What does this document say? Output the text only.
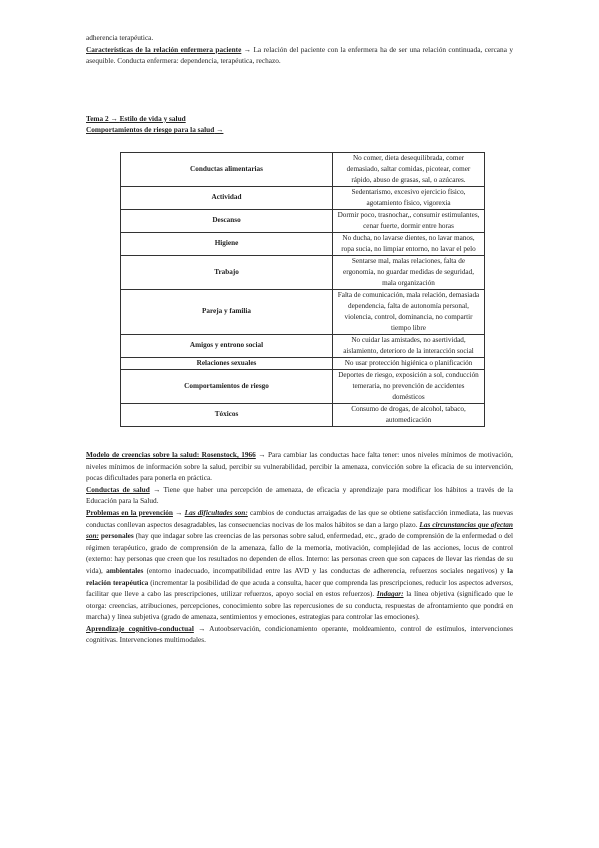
adherencia terapéutica.

Características de la relación enfermera paciente → La relación del paciente con la enfermera ha de ser una relación continuada, cercana y asequible. Conducta enfermera: dependencia, terapéutica, rechazo.

Tema 2 → Estilo de vida y salud

Comportamientos de riesgo para la salud →

Conductas alimentarias	No comer, dieta desequilibrada, comer demasiado, saltar comidas, picotear, comer rápido, abuso de grasas, sal, o azúcares.
Actividad	Sedentarismo, excesivo ejercicio físico, agotamiento físico, vigorexia
Descanso	Dormir poco, trasnochar,, consumir estimulantes, cenar fuerte, dormir entre horas
Higiene	No ducha, no lavarse dientes, no lavar manos, ropa sucia, no limpiar entorno, no lavar el pelo
Trabajo	Sentarse mal, malas relaciones, falta de ergonomía, no guardar medidas de seguridad, mala organización
Pareja y familia	Falta de comunicación, mala relación, demasiada dependencia, falta de autonomía personal, violencia, control, dominancia, no compartir tiempo libre
Amigos y entrono social	No cuidar las amistades, no asertividad, aislamiento, deterioro de la interacción social
Relaciones sexuales	No usar protección higiénica o planificación
Comportamientos de riesgo	Deportes de riesgo, exposición a sol, conducción temeraria, no prevención de accidentes domésticos
Tóxicos	Consumo de drogas, de alcohol, tabaco, automedicación

Modelo de creencias sobre la salud: Rosenstock, 1966 → Para cambiar las conductas hace falta tener: unos niveles mínimos de motivación, niveles mínimos de información sobre la salud, percibir su vulnerabilidad, percibir la amenaza, convicción sobre la eficacia de su intervención, pocas dificultades para ponerla en práctica.

Conductas de salud → Tiene que haber una percepción de amenaza, de eficacia y aprendizaje para modificar los hábitos a través de la Educación para la Salud.

Problemas en la prevención → Las dificultades son: cambios de conductas arraigadas de las que se obtiene satisfacción inmediata, las nuevas conductas conllevan aspectos desagradables, las consecuencias nocivas de los malos hábitos se dan a largo plazo. Las circunstancias que afectan son: personales (hay que indagar sobre las creencias de las personas sobre salud, enfermedad, etc., grado de comprensión de la enfermedad o del régimen terapéutico, grado de comprensión de la amenaza, fallo de la memoria, motivación, complejidad de las acciones, locus de control (externo: hay personas que creen que los resultados no dependen de ellos. Interno: las personas creen que son capaces de llevar las riendas de su vida), ambientales (entorno inadecuado, incompatibilidad entre las AVD y las conductas de adherencia, refuerzos sociales negativos) y la relación terapéutica (incrementar la posibilidad de que acuda a consulta, hacer que comprenda las prescripciones, reducir los aspectos adversos, facilitar que lleve a cabo las prescripciones, utilizar refuerzos, apoyo social en estos refuerzos). Indagar: la línea objetiva (significado que le otorga: creencias, atribuciones, percepciones, conocimiento sobre las repercusiones de su conducta, respuestas de afrontamiento que pondrá en marcha) y línea subjetiva (grado de amenaza, sentimientos y emociones, estrategias para controlar las emociones).

Aprendizaje cognitivo-conductual → Autoobservación, condicionamiento operante, moldeamiento, control de estímulos, intervenciones cognitivas. Intervenciones multimodales.
